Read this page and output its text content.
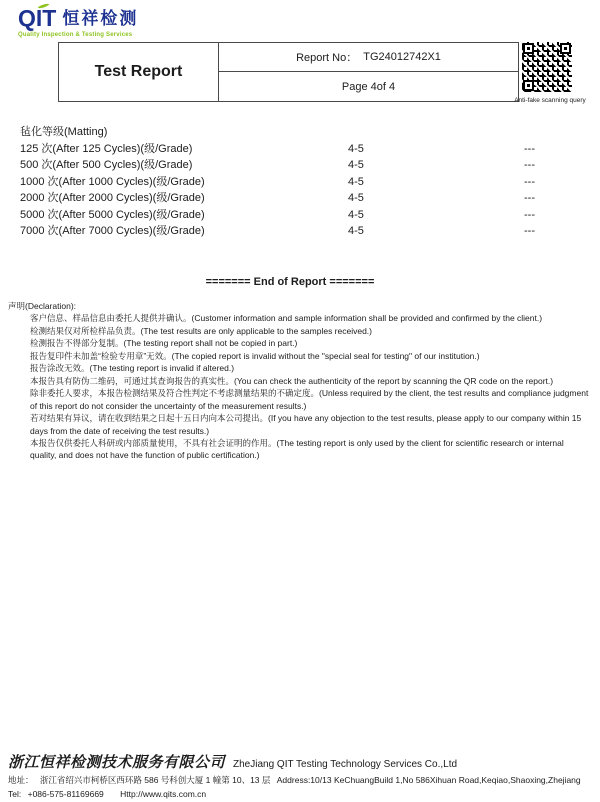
QIT 恒祥检测
Quality Inspection & Testing Services
Test Report
Report No： TG24012742X1
Page 4of 4
Anti-fake scanning query
毡化等级(Matting)
125 次(After 125 Cycles)(级/Grade)	4-5	---
500 次(After 500 Cycles)(级/Grade)	4-5	---
1000 次(After 1000 Cycles)(级/Grade)	4-5	---
2000 次(After 2000 Cycles)(级/Grade)	4-5	---
5000 次(After 5000 Cycles)(级/Grade)	4-5	---
7000 次(After 7000 Cycles)(级/Grade)	4-5	---
======= End of Report =======
声明(Declaration):
客户信息、样品信息由委托人提供并确认。(Customer information and sample information shall be provided and confirmed by the client.)
检测结果仅对所检样品负责。(The test results are only applicable to the samples received.)
检测报告不得部分复制。(The testing report shall not be copied in part.)
报告复印件未加盖“检验专用章”无效。(The copied report is invalid without the "special seal for testing" of our institution.)
报告涂改无效。(The testing report is invalid if altered.)
本报告具有防伪二维码，可通过其查询报告的真实性。(You can check the authenticity of the report by scanning the QR code on the report.)
除非委托人要求，本报告检测结果及符合性判定不考虑测量结果的不确定度。(Unless required by the client, the test results and compliance judgment of this report do not consider the uncertainty of the measurement results.)
若对结果有异议，请在收到结果之日起十五日内向本公司提出。(If you have any objection to the test results, please apply to our company within 15 days from the date of receiving the test results.)
本报告仅供委托人科研或内部质量使用，不具有社会证明的作用。(The testing report is only used by the client for scientific research or internal quality, and does not have the function of public certification.)
浙江恒祥检测技术服务有限公司 ZheJiang QIT Testing Technology Services Co.,Ltd
地址： 浙江省绍兴市柯桥区西环路 586 号科创大厦 1 幢第 10、13 层 Address:10/13 KeChuangBuild 1,No 586Xihuan Road,Keqiao,Shaoxing,Zhejiang
Tel: +086-575-81169669 Http://www.qits.com.cn
